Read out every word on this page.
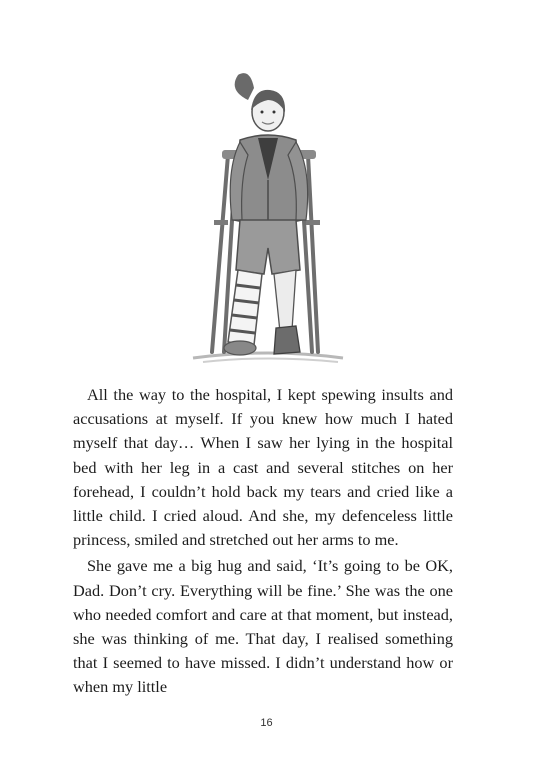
All the way to the hospital, I kept spewing insults and accusations at myself. If you knew how much I hated myself that day… When I saw her lying in the hospital bed with her leg in a cast and several stitches on her forehead, I couldn’t hold back my tears and cried like a little child. I cried aloud. And she, my defenceless little princess, smiled and stretched out her arms to me.

She gave me a big hug and said, ‘It’s going to be OK, Dad. Don’t cry. Everything will be fine.’ She was the one who needed comfort and care at that moment, but instead, she was thinking of me. That day, I realised something that I seemed to have missed. I didn’t understand how or when my little

16
